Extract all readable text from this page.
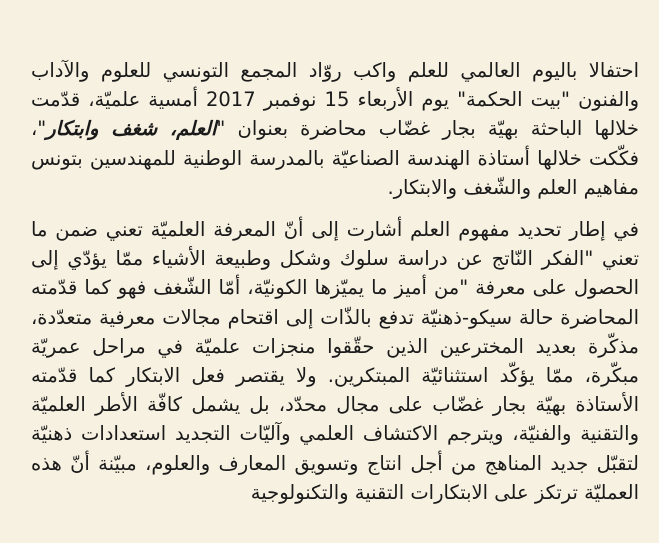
احتفالا باليوم العالمي للعلم واكب روّاد المجمع التونسي للعلوم والآداب والفنون "بيت الحكمة" يوم الأربعاء 15 نوفمبر 2017 أمسية علميّة، قدّمت خلالها الباحثة بهيّة بجار غضّاب محاضرة بعنوان "العلم، شغف وابتكار"، فكّكت خلالها أستاذة الهندسة الصناعيّة بالمدرسة الوطنية للمهندسين بتونس مفاهيم العلم والشّغف والابتكار.

في إطار تحديد مفهوم العلم أشارت إلى أنّ المعرفة العلميّة تعني ضمن ما تعني "الفكر النّاتج عن دراسة سلوك وشكل وطبيعة الأشياء ممّا يؤدّي إلى الحصول على معرفة "من أميز ما يميّزها الكونيّة، أمّا الشّغف فهو كما قدّمته المحاضرة حالة سيكو-ذهنيّة تدفع بالذّات إلى اقتحام مجالات معرفية متعدّدة، مذكّرة بعديد المخترعين الذين حقّقوا منجزات علميّة في مراحل عمريّة مبكّرة، ممّا يؤكّد استثنائيّة المبتكرين. ولا يقتصر فعل الابتكار كما قدّمته الأستاذة بهيّة بجار غضّاب على مجال محدّد، بل يشمل كافّة الأطر العلميّة والتقنية والفنيّة، ويترجم الاكتشاف العلمي وآليّات التجديد استعدادات ذهنيّة لتقبّل جديد المناهج من أجل انتاج وتسويق المعارف والعلوم، مبيّنة أنّ هذه العمليّة ترتكز على الابتكارات التقنية والتكنولوجية
